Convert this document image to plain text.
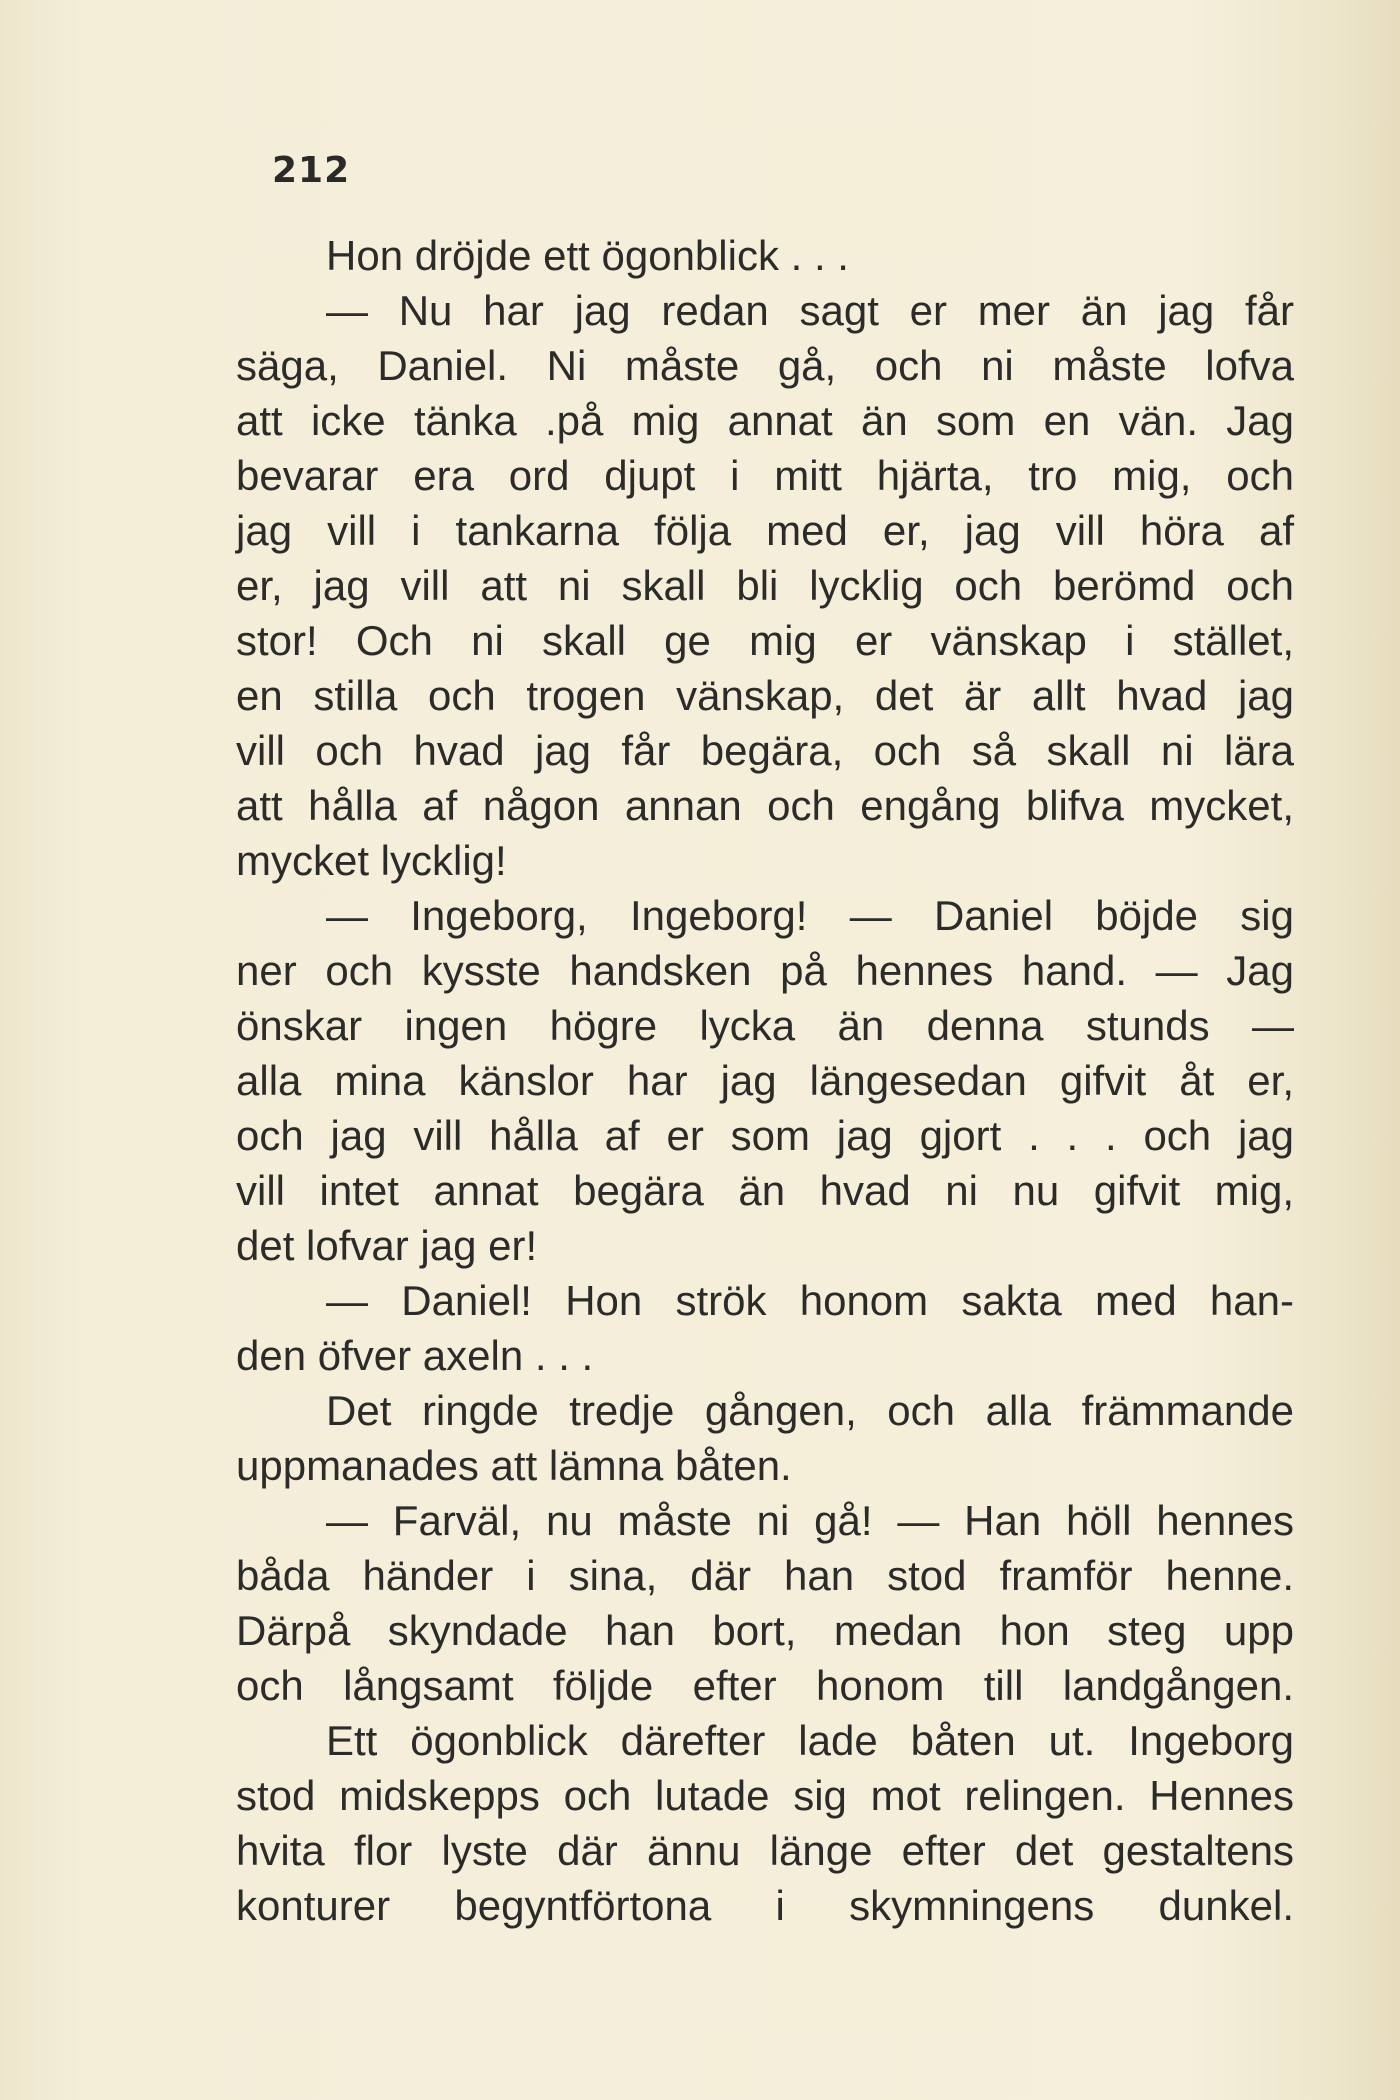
212
Hon dröjde ett ögonblick . . .
— Nu har jag redan sagt er mer än jag får
säga, Daniel. Ni måste gå, och ni måste lofva
att icke tänka .på mig annat än som en vän. Jag
bevarar era ord djupt i mitt hjärta, tro mig, och
jag vill i tankarna följa med er, jag vill höra af
er, jag vill att ni skall bli lycklig och berömd och
stor! Och ni skall ge mig er vänskap i stället,
en stilla och trogen vänskap, det är allt hvad jag
vill och hvad jag får begära, och så skall ni lära
att hålla af någon annan och engång blifva mycket,
mycket lycklig!
— Ingeborg, Ingeborg! — Daniel böjde sig
ner och kysste handsken på hennes hand. — Jag
önskar ingen högre lycka än denna stunds —
alla mina känslor har jag längesedan gifvit åt er,
och jag vill hålla af er som jag gjort . . . och jag
vill intet annat begära än hvad ni nu gifvit mig,
det lofvar jag er!
— Daniel! Hon strök honom sakta med han-
den öfver axeln . . .
Det ringde tredje gången, och alla främmande
uppmanades att lämna båten.
— Farväl, nu måste ni gå! — Han höll hennes
båda händer i sina, där han stod framför henne.
Därpå skyndade han bort, medan hon steg upp
och långsamt följde efter honom till landgången.
Ett ögonblick därefter lade båten ut. Ingeborg
stod midskepps och lutade sig mot relingen. Hennes
hvita flor lyste där ännu länge efter det gestaltens
konturer begyntförtona i skymningens dunkel.
